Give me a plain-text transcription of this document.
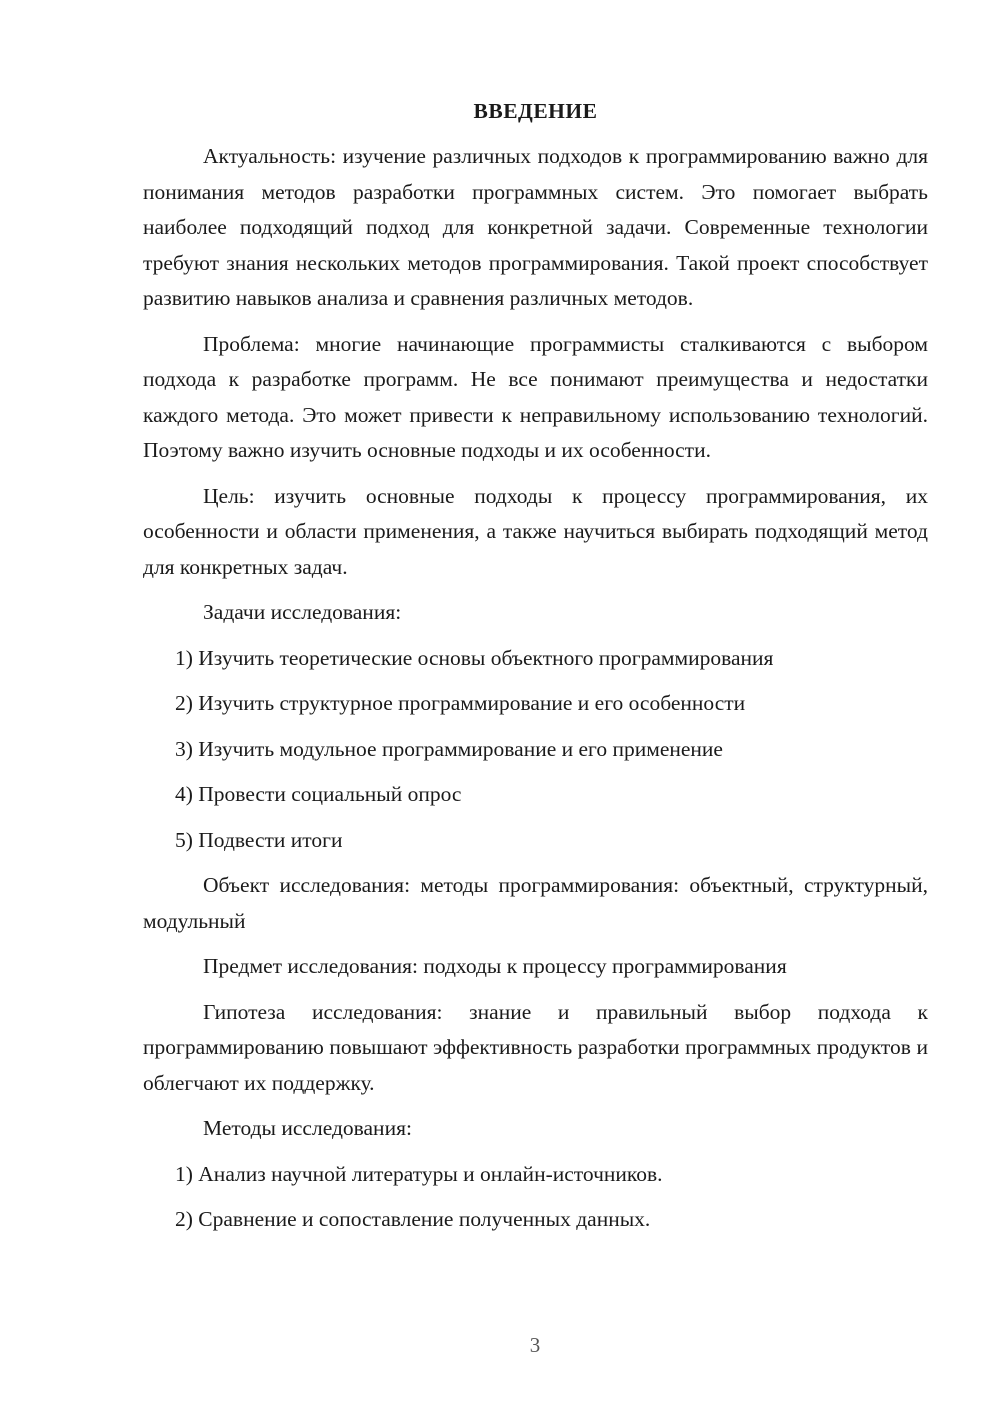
ВВЕДЕНИЕ

Актуальность: изучение различных подходов к программированию важно для понимания методов разработки программных систем. Это помогает выбрать наиболее подходящий подход для конкретной задачи. Современные технологии требуют знания нескольких методов программирования. Такой проект способствует развитию навыков анализа и сравнения различных методов.

Проблема: многие начинающие программисты сталкиваются с выбором подхода к разработке программ. Не все понимают преимущества и недостатки каждого метода. Это может привести к неправильному использованию технологий. Поэтому важно изучить основные подходы и их особенности.

Цель: изучить основные подходы к процессу программирования, их особенности и области применения, а также научиться выбирать подходящий метод для конкретных задач.

Задачи исследования:
1) Изучить теоретические основы объектного программирования
2) Изучить структурное программирование и его особенности
3) Изучить модульное программирование и его применение
4) Провести социальный опрос
5) Подвести итоги

Объект исследования: методы программирования: объектный, структурный, модульный

Предмет исследования: подходы к процессу программирования

Гипотеза исследования: знание и правильный выбор подхода к программированию повышают эффективность разработки программных продуктов и облегчают их поддержку.

Методы исследования:
1) Анализ научной литературы и онлайн-источников.
2) Сравнение и сопоставление полученных данных.
3
